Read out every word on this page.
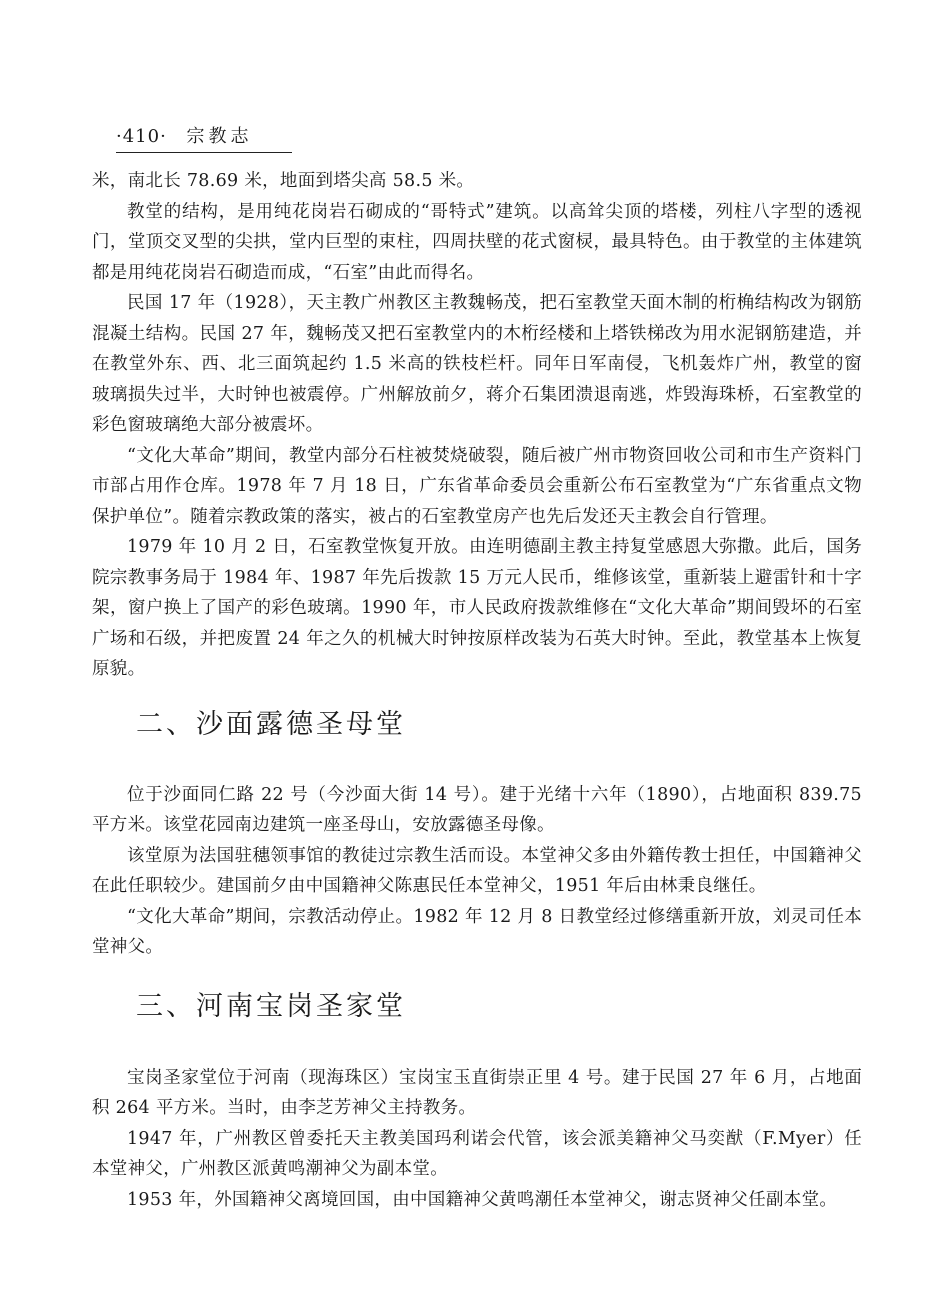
·410· 宗教志

米，南北长 78.69 米，地面到塔尖高 58.5 米。

教堂的结构，是用纯花岗岩石砌成的“哥特式”建筑。以高耸尖顶的塔楼，列柱八字型的透视门，堂顶交叉型的尖拱，堂内巨型的束柱，四周扶壁的花式窗棂，最具特色。由于教堂的主体建筑都是用纯花岗岩石砌造而成，“石室”由此而得名。

民国 17 年（1928），天主教广州教区主教魏畅茂，把石室教堂天面木制的桁桷结构改为钢筋混凝土结构。民国 27 年，魏畅茂又把石室教堂内的木桁经楼和上塔铁梯改为用水泥钢筋建造，并在教堂外东、西、北三面筑起约 1.5 米高的铁枝栏杆。同年日军南侵，飞机轰炸广州，教堂的窗玻璃损失过半，大时钟也被震停。广州解放前夕，蒋介石集团溃退南逃，炸毁海珠桥，石室教堂的彩色窗玻璃绝大部分被震坏。

“文化大革命”期间，教堂内部分石柱被焚烧破裂，随后被广州市物资回收公司和市生产资料门市部占用作仓库。1978 年 7 月 18 日，广东省革命委员会重新公布石室教堂为“广东省重点文物保护单位”。随着宗教政策的落实，被占的石室教堂房产也先后发还天主教会自行管理。

1979 年 10 月 2 日，石室教堂恢复开放。由连明德副主教主持复堂感恩大弥撒。此后，国务院宗教事务局于 1984 年、1987 年先后拨款 15 万元人民币，维修该堂，重新装上避雷针和十字架，窗户换上了国产的彩色玻璃。1990 年，市人民政府拨款维修在“文化大革命”期间毁坏的石室广场和石级，并把废置 24 年之久的机械大时钟按原样改装为石英大时钟。至此，教堂基本上恢复原貌。

二、沙面露德圣母堂

位于沙面同仁路 22 号（今沙面大街 14 号）。建于光绪十六年（1890），占地面积 839.75 平方米。该堂花园南边建筑一座圣母山，安放露德圣母像。

该堂原为法国驻穗领事馆的教徒过宗教生活而设。本堂神父多由外籍传教士担任，中国籍神父在此任职较少。建国前夕由中国籍神父陈惠民任本堂神父，1951 年后由林秉良继任。

“文化大革命”期间，宗教活动停止。1982 年 12 月 8 日教堂经过修缮重新开放，刘灵司任本堂神父。

三、河南宝岗圣家堂

宝岗圣家堂位于河南（现海珠区）宝岗宝玉直街崇正里 4 号。建于民国 27 年 6 月，占地面积 264 平方米。当时，由李芝芳神父主持教务。

1947 年，广州教区曾委托天主教美国玛利诺会代管，该会派美籍神父马奕猷（F.Myer）任本堂神父，广州教区派黄鸣潮神父为副本堂。

1953 年，外国籍神父离境回国，由中国籍神父黄鸣潮任本堂神父，谢志贤神父任副本堂。
